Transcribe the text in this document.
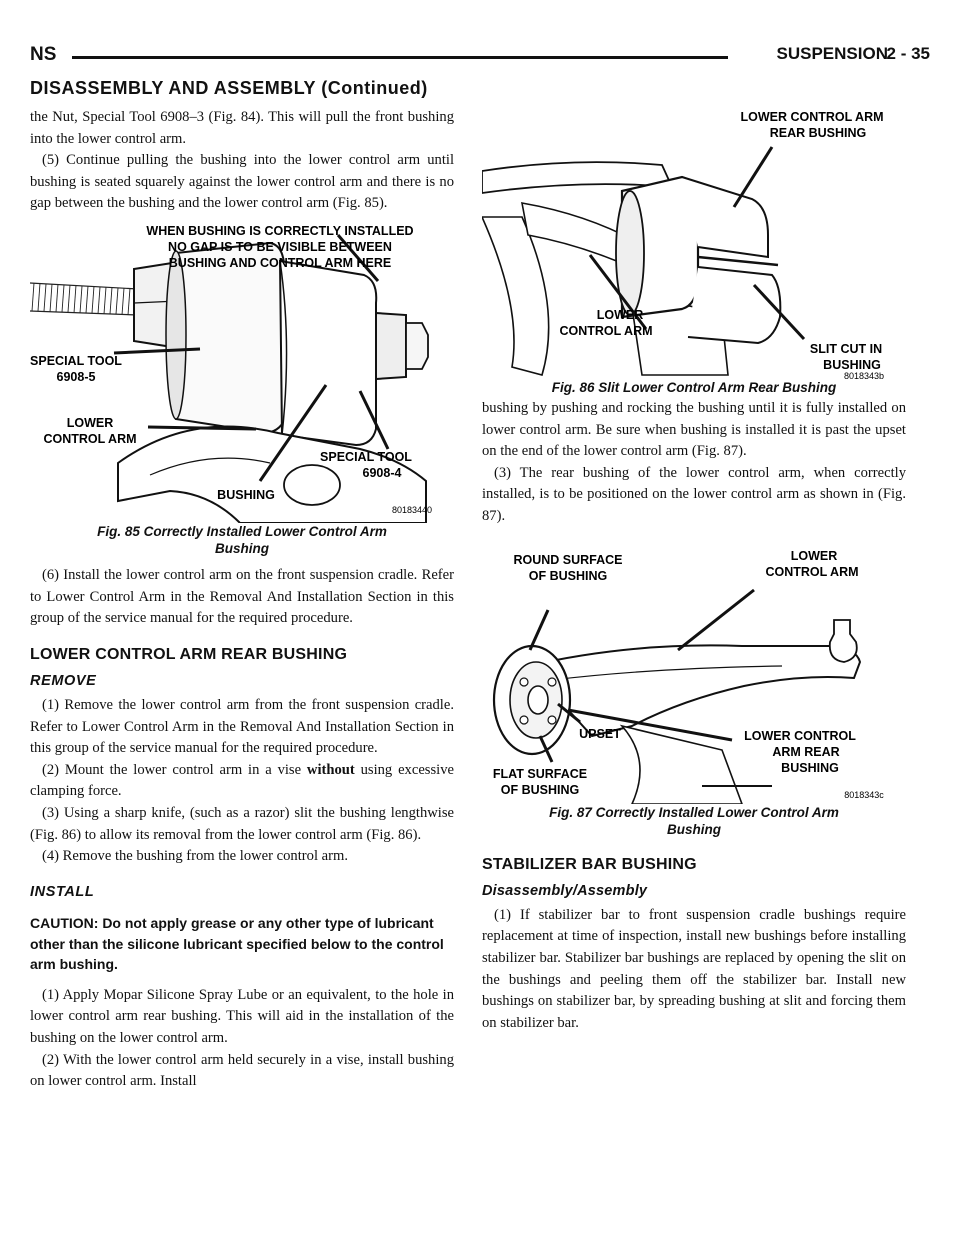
NS	SUSPENSION
2 - 35
DISASSEMBLY AND ASSEMBLY (Continued)

the Nut, Special Tool 6908–3 (Fig. 84). This will pull the front bushing into the lower control arm.

(5) Continue pulling the bushing into the lower control arm until bushing is seated squarely against the lower control arm and there is no gap between the bushing and the lower control arm (Fig. 85).

WHEN BUSHING IS CORRECTLY INSTALLED
NO GAP IS TO BE VISIBLE BETWEEN
BUSHING AND CONTROL ARM HERE
SPECIAL TOOL
6908-5
LOWER
CONTROL ARM
SPECIAL TOOL
6908-4
BUSHING
80183440
Fig. 85 Correctly Installed Lower Control Arm
Bushing

(6) Install the lower control arm on the front suspension cradle. Refer to Lower Control Arm in the Removal And Installation Section in this group of the service manual for the required procedure.

LOWER CONTROL ARM REAR BUSHING
REMOVE

(1) Remove the lower control arm from the front suspension cradle. Refer to Lower Control Arm in the Removal And Installation Section in this group of the service manual for the required procedure.

(2) Mount the lower control arm in a vise without using excessive clamping force.

(3) Using a sharp knife, (such as a razor) slit the bushing lengthwise (Fig. 86) to allow its removal from the lower control arm (Fig. 86).

(4) Remove the bushing from the lower control arm.

INSTALL
CAUTION: Do not apply grease or any other type of lubricant other than the silicone lubricant specified below to the control arm bushing.

(1) Apply Mopar Silicone Spray Lube or an equivalent, to the hole in lower control arm rear bushing. This will aid in the installation of the bushing on the lower control arm.

(2) With the lower control arm held securely in a vise, install bushing on lower control arm. Install

LOWER CONTROL ARM
REAR BUSHING
LOWER
CONTROL ARM
SLIT CUT IN
BUSHING
8018343b
Fig. 86 Slit Lower Control Arm Rear Bushing

bushing by pushing and rocking the bushing until it is fully installed on lower control arm. Be sure when bushing is installed it is past the upset on the end of the lower control arm (Fig. 87).

(3) The rear bushing of the lower control arm, when correctly installed, is to be positioned on the lower control arm as shown in (Fig. 87).

ROUND SURFACE
OF BUSHING
LOWER
CONTROL ARM
UPSET
FLAT SURFACE
OF BUSHING
LOWER CONTROL
ARM REAR
BUSHING
8018343c
Fig. 87 Correctly Installed Lower Control Arm
Bushing
STABILIZER BAR BUSHING
Disassembly/Assembly

(1) If stabilizer bar to front suspension cradle bushings require replacement at time of inspection, install new bushings before installing stabilizer bar. Stabilizer bar bushings are replaced by opening the slit on the bushings and peeling them off the stabilizer bar. Install new bushings on stabilizer bar, by spreading bushing at slit and forcing them on stabilizer bar.
